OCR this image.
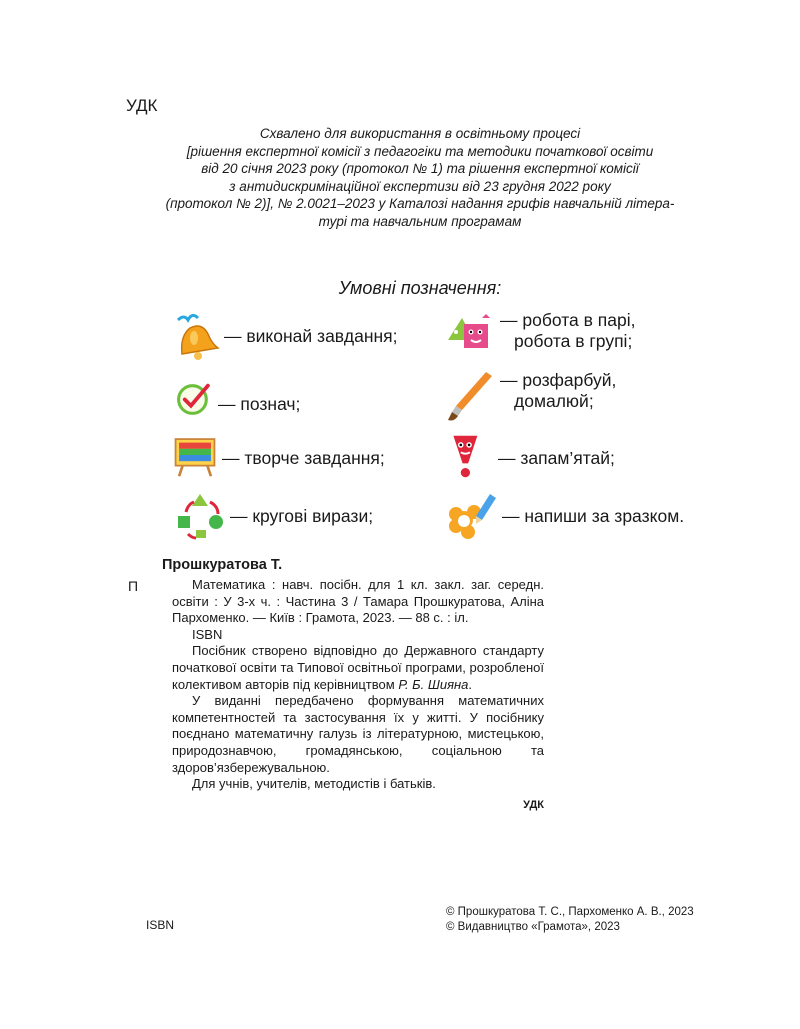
УДК
Схвалено для використання в освітньому процесі
[рішення експертної комісії з педагогіки та методики початкової освіти
від 20 січня 2023 року (протокол № 1) та рішення експертної комісії
з антидискримінаційної експертизи від 23 грудня 2022 року
(протокол № 2)], № 2.0021–2023 у Каталозі надання грифів навчальній літера-
турі та навчальним програмам
Умовні позначення:
— виконай завдання;
— робота в парі,
робота в групі;
— познач;
— розфарбуй,
домалюй;
— творче завдання;	— запам’ятай;
— кругові вирази;	— напиши за зразком.
Прошкуратова Т.
П	Математика : навч. посібн. для 1 кл. закл. заг. середн. освіти : У 3-х ч. : Частина 3 / Тамара Прошкуратова, Аліна Пархоменко. — Київ : Грамота, 2023. — 88 с. : іл.

ISBN

Посібник створено відповідно до Державного стандарту початкової освіти та Типової освітньої програми, розробленої колективом авторів під керівництвом Р. Б. Шияна.

У виданні передбачено формування математичних компетентностей та застосування їх у житті. У посібнику поєднано математичну галузь із літературною, мистецькою, природознавчою, громадянською, соціальною та здоров’язбережувальною.

Для учнів, учителів, методистів і батьків.

УДК

ISBN
© Прошкуратова Т. С., Пархоменко А. В., 2023
© Видавництво «Грамота», 2023
